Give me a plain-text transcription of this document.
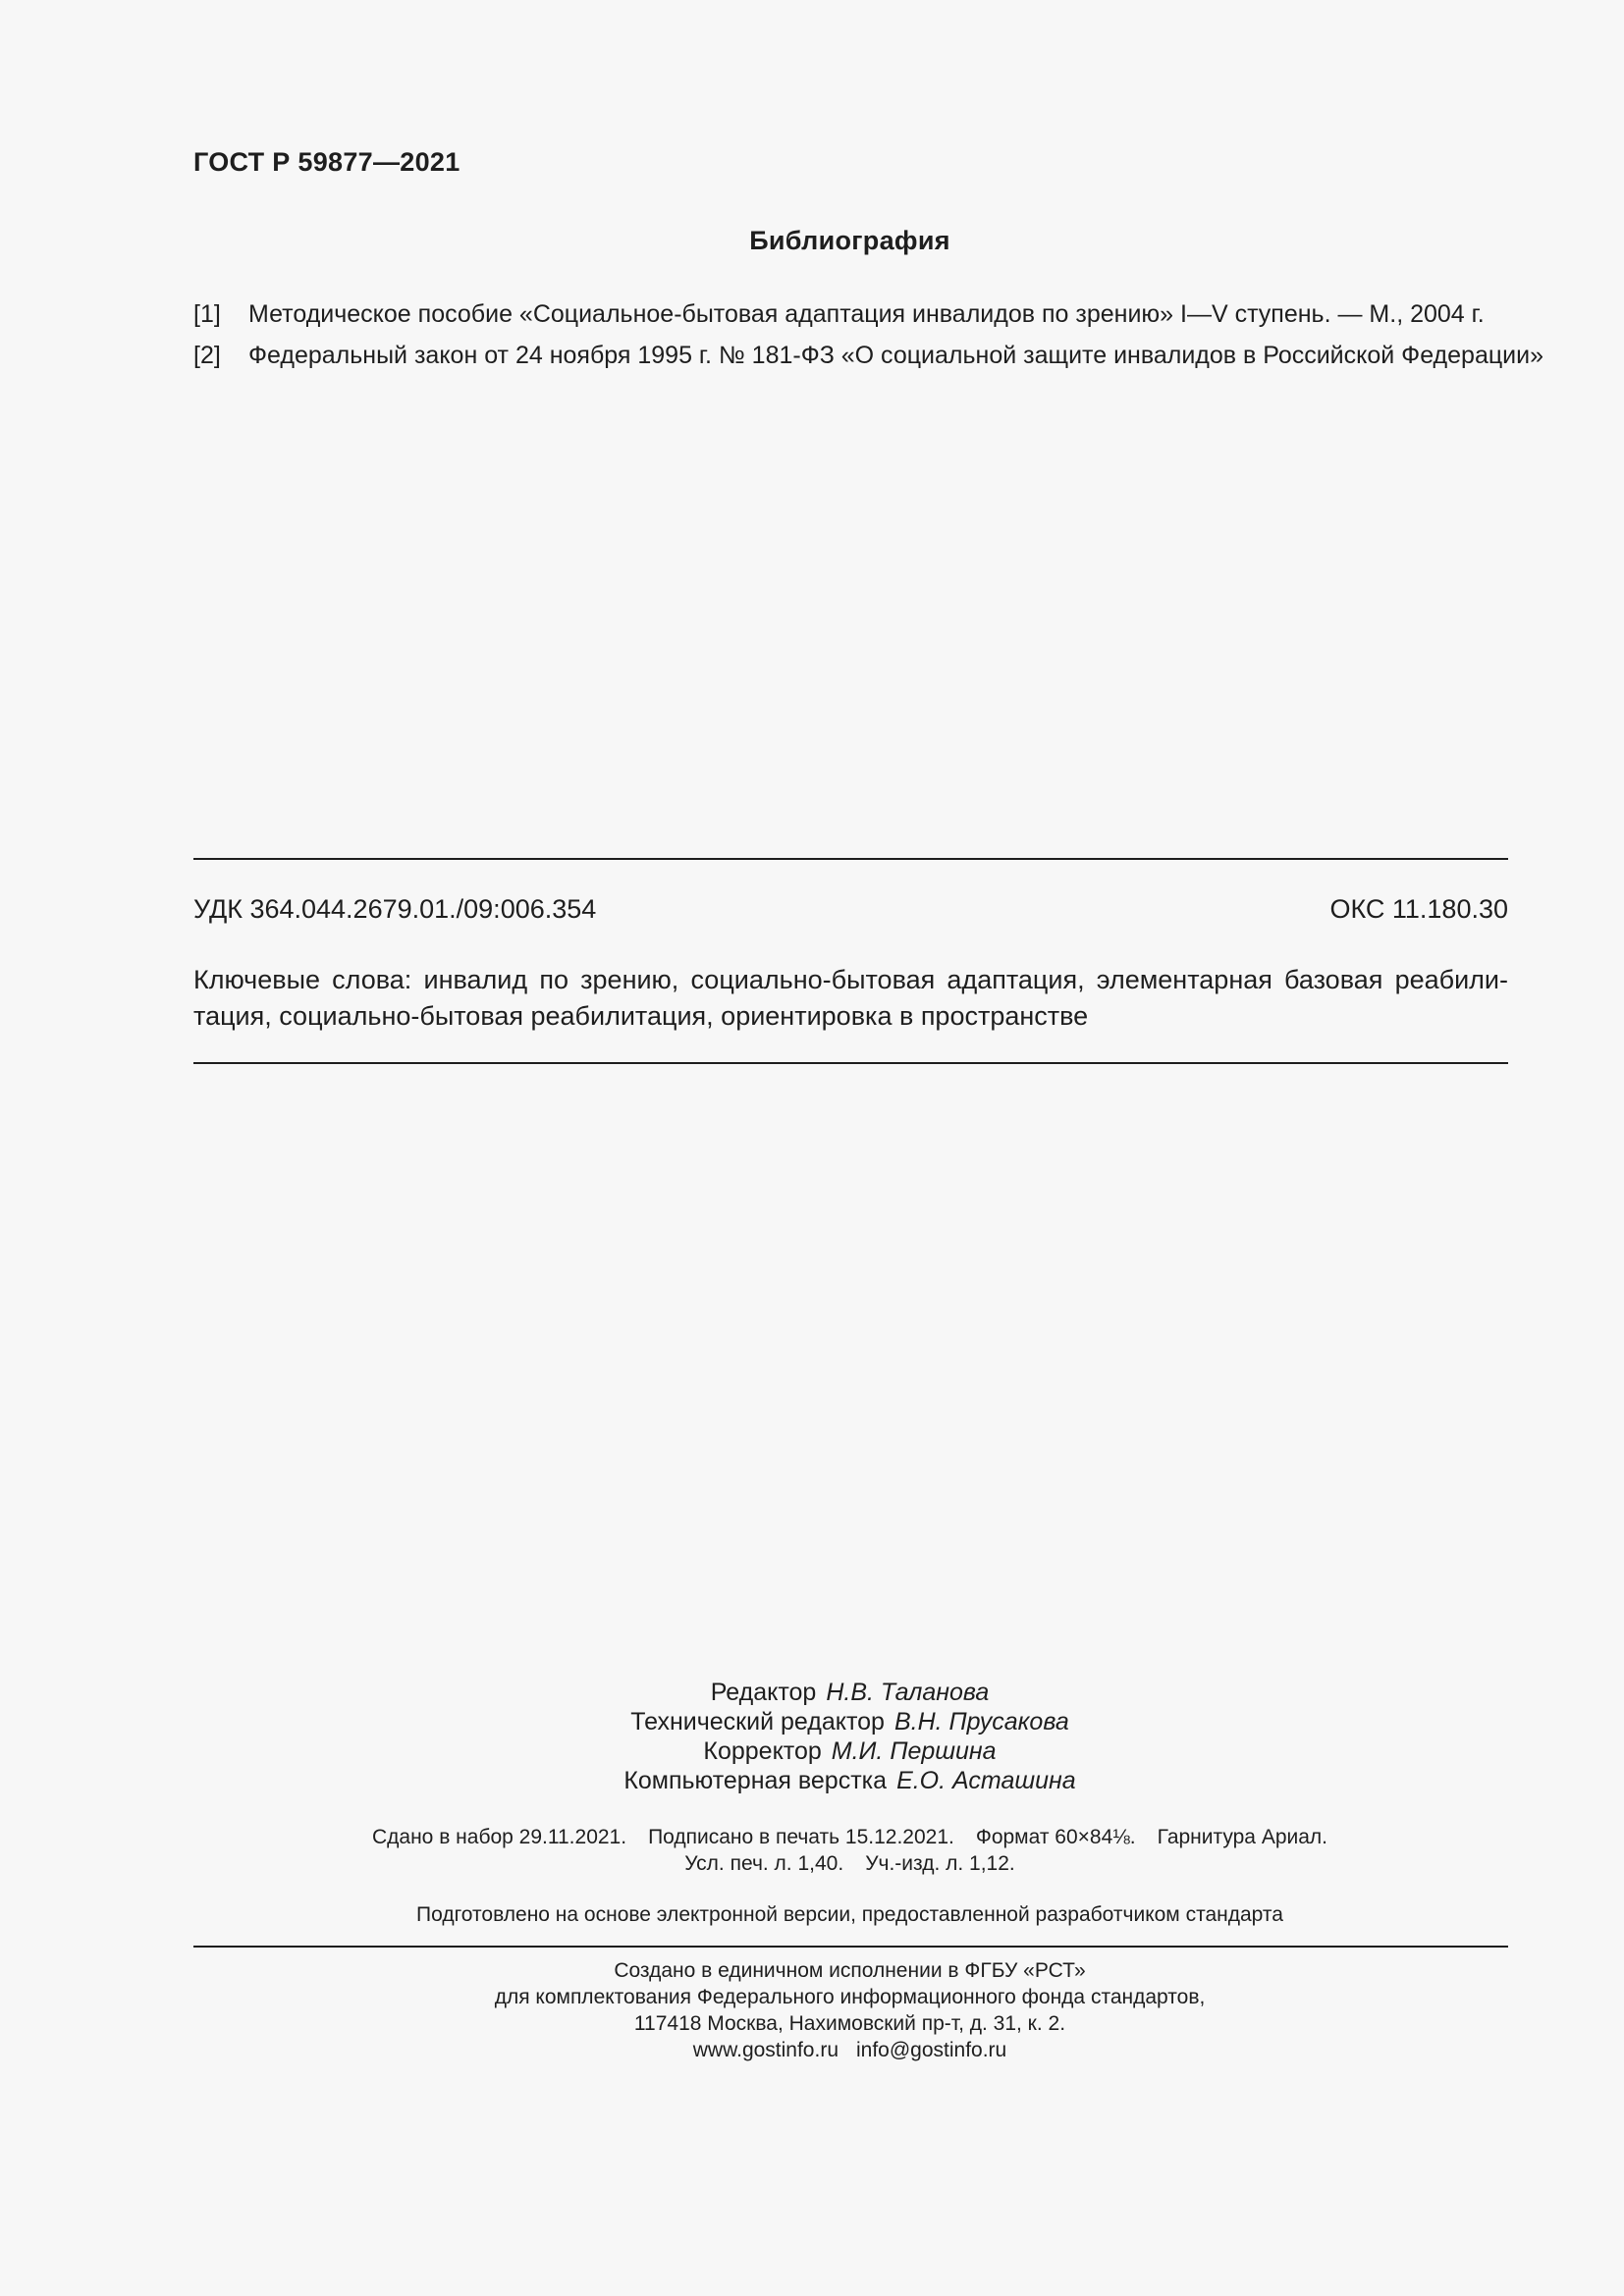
ГОСТ Р 59877—2021
Библиография
[1] Методическое пособие «Социальное-бытовая адаптация инвалидов по зрению» I—V ступень. — М., 2004 г.
[2] Федеральный закон от 24 ноября 1995 г. № 181-ФЗ «О социальной защите инвалидов в Российской Федерации»
УДК 364.044.2679.01./09:006.354	ОКС 11.180.30
Ключевые слова: инвалид по зрению, социально-бытовая адаптация, элементарная базовая реабили-
тация, социально-бытовая реабилитация, ориентировка в пространстве
Редактор Н.В. Таланова
Технический редактор В.Н. Прусакова
Корректор М.И. Першина
Компьютерная верстка Е.О. Асташина
Сдано в набор 29.11.2021. Подписано в печать 15.12.2021. Формат 60×84⅛. Гарнитура Ариал.
Усл. печ. л. 1,40. Уч.-изд. л. 1,12.
Подготовлено на основе электронной версии, предоставленной разработчиком стандарта
Создано в единичном исполнении в ФГБУ «РСТ»
для комплектования Федерального информационного фонда стандартов,
117418 Москва, Нахимовский пр-т, д. 31, к. 2.
www.gostinfo.ru info@gostinfo.ru
